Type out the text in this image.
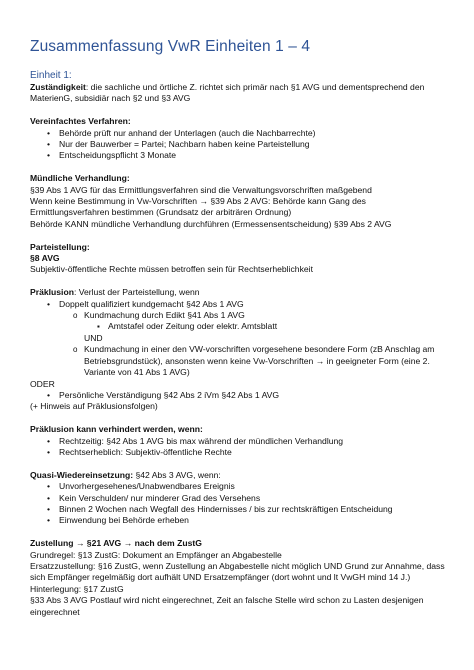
Zusammenfassung VwR Einheiten 1 – 4

Einheit 1:

Zuständigkeit: die sachliche und örtliche Z. richtet sich primär nach §1 AVG und dementsprechend den

MaterienG, subsidiär nach §2 und §3 AVG

Vereinfachtes Verfahren:

• Behörde prüft nur anhand der Unterlagen (auch die Nachbarrechte)
• Nur der Bauwerber = Partei; Nachbarn haben keine Parteistellung
• Entscheidungspflicht 3 Monate

Mündliche Verhandlung:

§39 Abs 1 AVG für das Ermittlungsverfahren sind die Verwaltungsvorschriften maßgebend

Wenn keine Bestimmung in Vw-Vorschriften → §39 Abs 2 AVG: Behörde kann Gang des

Ermittlungsverfahren bestimmen (Grundsatz der arbiträren Ordnung)

Behörde KANN mündliche Verhandlung durchführen (Ermessensentscheidung) §39 Abs 2 AVG

Parteistellung:

§8 AVG

Subjektiv-öffentliche Rechte müssen betroffen sein für Rechtserheblichkeit

Präklusion: Verlust der Parteistellung, wenn

• Doppelt qualifiziert kundgemacht §42 Abs 1 AVG
o Kundmachung durch Edikt §41 Abs 1 AVG
▪ Amtstafel oder Zeitung oder elektr. Amtsblatt
UND
o Kundmachung in einer den VW-vorschriften vorgesehene besondere Form (zB Anschlag am
Betriebsgrundstück), ansonsten wenn keine Vw-Vorschriften → in geeigneter Form (eine 2.
Variante von 41 Abs 1 AVG)

ODER

• Persönliche Verständigung §42 Abs 2 iVm §42 Abs 1 AVG

(+ Hinweis auf Präklusionsfolgen)

Präklusion kann verhindert werden, wenn:

• Rechtzeitig: §42 Abs 1 AVG bis max während der mündlichen Verhandlung
• Rechtserheblich: Subjektiv-öffentliche Rechte

Quasi-Wiedereinsetzung: §42 Abs 3 AVG, wenn:

• Unvorhergesehenes/Unabwendbares Ereignis
• Kein Verschulden/ nur minderer Grad des Versehens
• Binnen 2 Wochen nach Wegfall des Hindernisses / bis zur rechtskräftigen Entscheidung
• Einwendung bei Behörde erheben

Zustellung → §21 AVG → nach dem ZustG

Grundregel: §13 ZustG: Dokument an Empfänger an Abgabestelle

Ersatzzustellung: §16 ZustG, wenn Zustellung an Abgabestelle nicht möglich UND Grund zur Annahme, dass

sich Empfänger regelmäßig dort aufhält UND Ersatzempfänger (dort wohnt und lt VwGH mind 14 J.)

Hinterlegung: §17 ZustG

§33 Abs 3 AVG Postlauf wird nicht eingerechnet, Zeit an falsche Stelle wird schon zu Lasten desjenigen

eingerechnet
